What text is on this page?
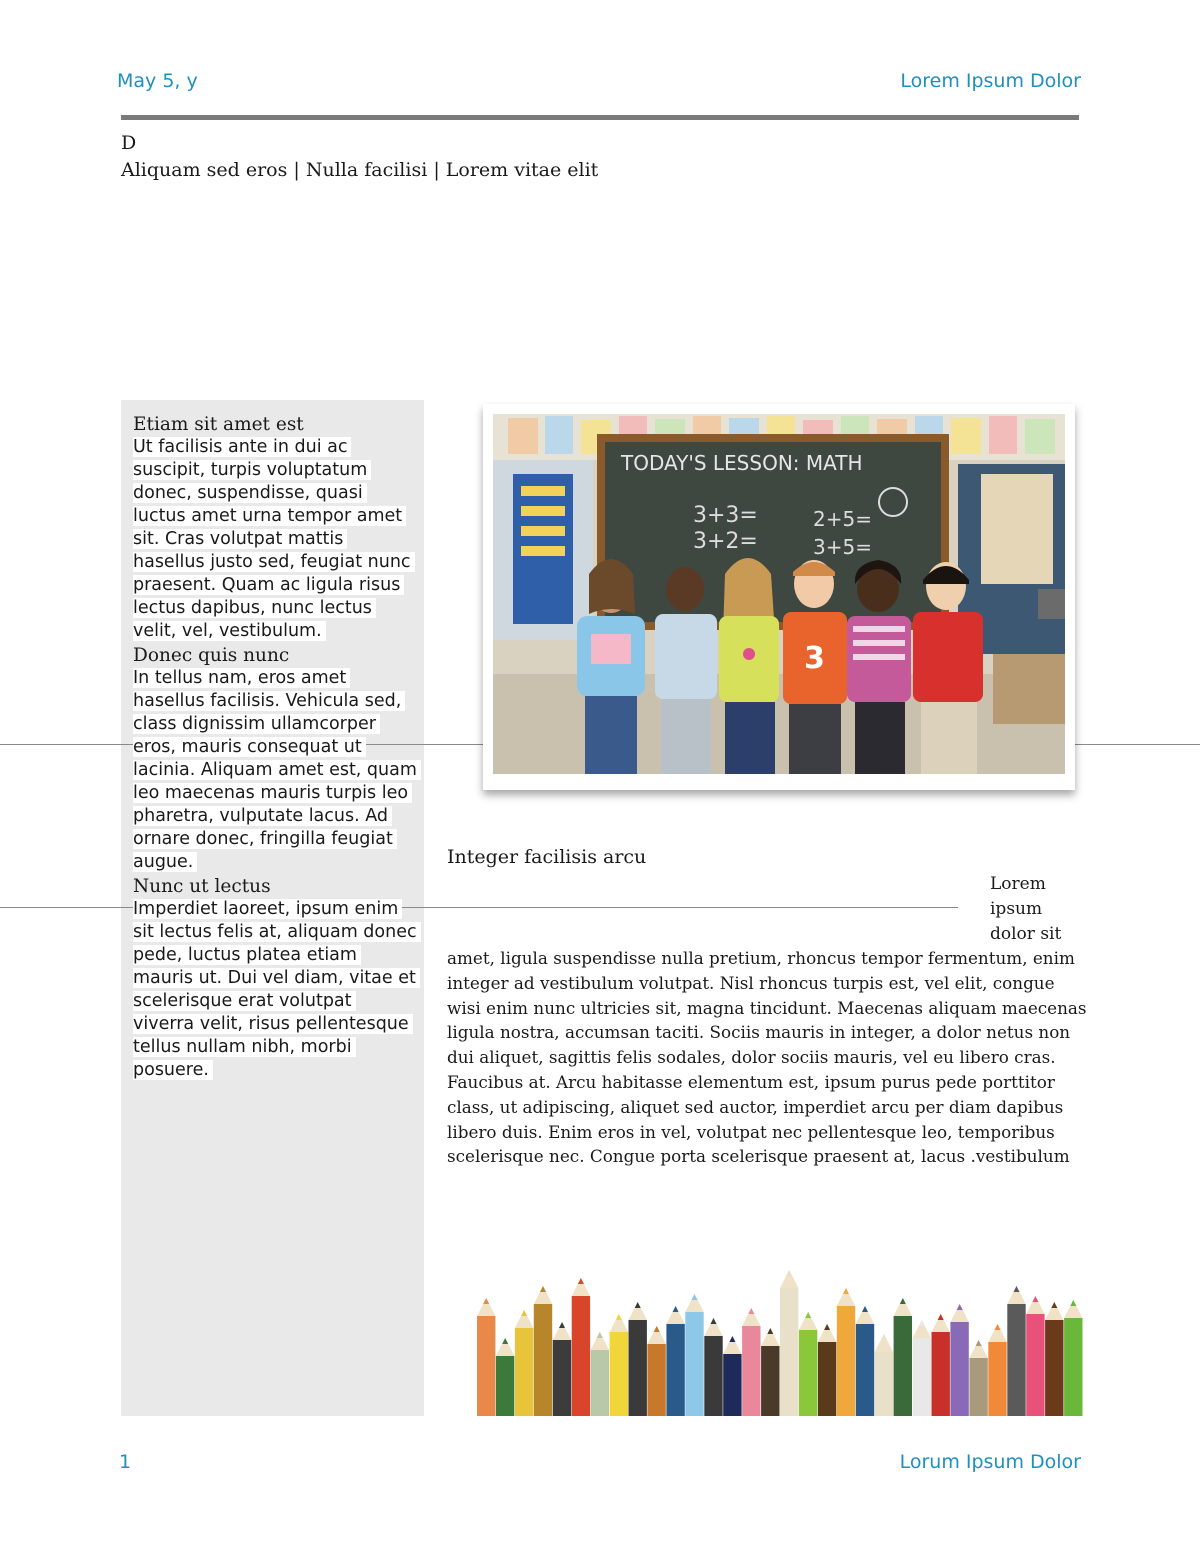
May 5, y	Lorem Ipsum Dolor
D
Aliquam sed eros | Nulla facilisi | Lorem vitae elit

Etiam sit amet est

Ut facilisis ante in dui ac suscipit, turpis voluptatum donec, suspendisse, quasi luctus amet urna tempor amet sit. Cras volutpat mattis hasellus justo sed, feugiat nunc praesent. Quam ac ligula risus lectus dapibus, nunc lectus velit, vel, vestibulum.

Donec quis nunc

In tellus nam, eros amet hasellus facilisis. Vehicula sed, class dignissim ullamcorper eros, mauris consequat ut lacinia. Aliquam amet est, quam leo maecenas mauris turpis leo pharetra, vulputate lacus. Ad ornare donec, fringilla feugiat augue.

Nunc ut lectus

Imperdiet laoreet, ipsum enim sit lectus felis at, aliquam donec pede, luctus platea etiam mauris ut. Dui vel diam, vitae et scelerisque erat volutpat viverra velit, risus pellentesque tellus nullam nibh, morbi posuere.

TODAY'S LESSON: MATH
3+3=
3+2=
2+5=
3+5=
3
Integer facilisis arcu
Lorem ipsum dolor sit

amet, ligula suspendisse nulla pretium, rhoncus tempor fermentum, enim integer ad vestibulum volutpat. Nisl rhoncus turpis est, vel elit, congue wisi enim nunc ultricies sit, magna tincidunt. Maecenas aliquam maecenas ligula nostra, accumsan taciti. Sociis mauris in integer, a dolor netus non dui aliquet, sagittis felis sodales, dolor sociis mauris, vel eu libero cras. Faucibus at. Arcu habitasse elementum est, ipsum purus pede porttitor class, ut adipiscing, aliquet sed auctor, imperdiet arcu per diam dapibus libero duis. Enim eros in vel, volutpat nec pellentesque leo, temporibus scelerisque nec. Congue porta scelerisque praesent at, lacus .vestibulum

1	Lorum Ipsum Dolor
